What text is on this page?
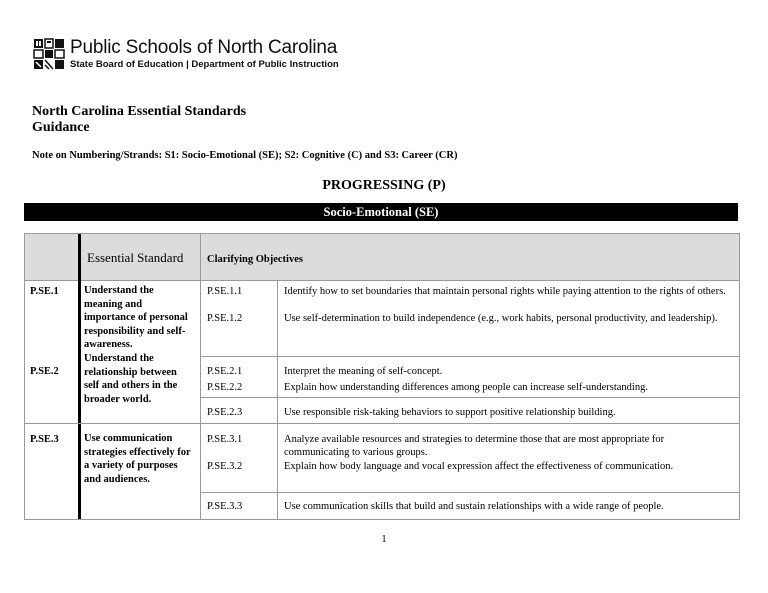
Public Schools of North Carolina
State Board of Education | Department of Public Instruction
North Carolina Essential Standards
Guidance
Note on Numbering/Strands: S1: Socio-Emotional (SE); S2: Cognitive (C) and S3: Career (CR)
PROGRESSING (P)
Socio-Emotional (SE)
Essential Standard Clarifying Objectives
P.SE.1
P.SE.2
P.SE.3
Understand the meaning and importance of personal responsibility and self-awareness.
Understand the relationship between self and others in the broader world.
Use communication strategies effectively for a variety of purposes and audiences.
P.SE.1.1
P.SE.1.2
P.SE.2.1
P.SE.2.2
P.SE.2.3
P.SE.3.1
P.SE.3.2
P.SE.3.3
Identify how to set boundaries that maintain personal rights while paying attention to the rights of others.
Use self-determination to build independence (e.g., work habits, personal productivity, and leadership).
Interpret the meaning of self-concept.
Explain how understanding differences among people can increase self-understanding.
Use responsible risk-taking behaviors to support positive relationship building.
Analyze available resources and strategies to determine those that are most appropriate for communicating to various groups.
Explain how body language and vocal expression affect the effectiveness of communication.
Use communication skills that build and sustain relationships with a wide range of people.
1
